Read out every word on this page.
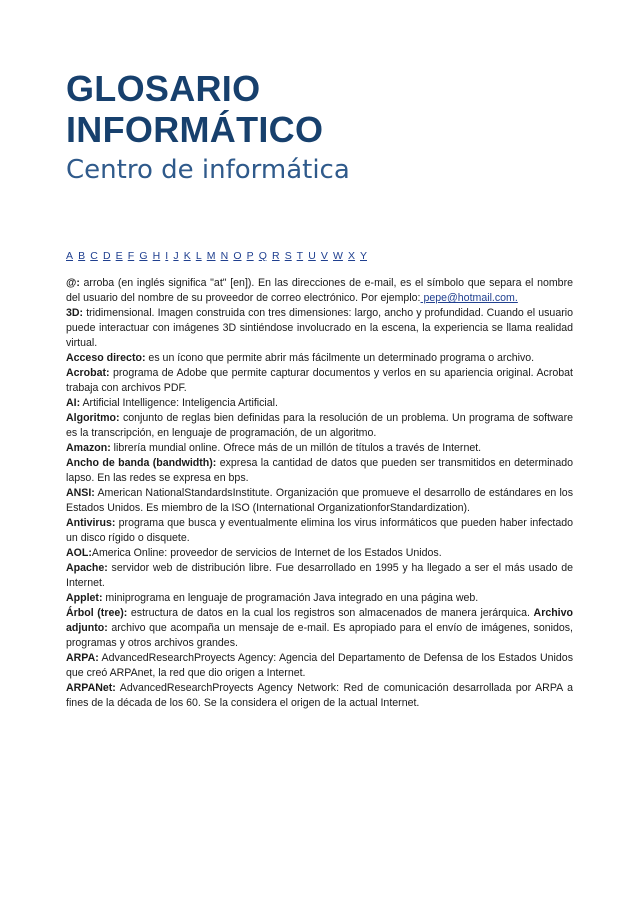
GLOSARIO
INFORMÁTICO
Centro de informática
A B C D E F G H I J K L M N O P Q R S T U V W X Y

@: arroba (en inglés significa "at" [en]). En las direcciones de e-mail, es el símbolo que separa el nombre del usuario del nombre de su proveedor de correo electrónico. Por ejemplo: pepe@hotmail.com.

3D: tridimensional. Imagen construida con tres dimensiones: largo, ancho y profundidad. Cuando el usuario puede interactuar con imágenes 3D sintiéndose involucrado en la escena, la experiencia se llama realidad virtual.

Acceso directo: es un ícono que permite abrir más fácilmente un determinado programa o archivo.

Acrobat: programa de Adobe que permite capturar documentos y verlos en su apariencia original. Acrobat trabaja con archivos PDF.

AI: Artificial Intelligence: Inteligencia Artificial.

Algoritmo: conjunto de reglas bien definidas para la resolución de un problema. Un programa de software es la transcripción, en lenguaje de programación, de un algoritmo.

Amazon: librería mundial online. Ofrece más de un millón de títulos a través de Internet.

Ancho de banda (bandwidth): expresa la cantidad de datos que pueden ser transmitidos en determinado lapso. En las redes se expresa en bps.

ANSI: American NationalStandardsInstitute. Organización que promueve el desarrollo de estándares en los Estados Unidos. Es miembro de la ISO (International OrganizationforStandardization).

Antivirus: programa que busca y eventualmente elimina los virus informáticos que pueden haber infectado un disco rígido o disquete.

AOL:America Online: proveedor de servicios de Internet de los Estados Unidos.

Apache: servidor web de distribución libre. Fue desarrollado en 1995 y ha llegado a ser el más usado de Internet.

Applet: miniprograma en lenguaje de programación Java integrado en una página web.

Árbol (tree): estructura de datos en la cual los registros son almacenados de manera jerárquica. Archivo adjunto: archivo que acompaña un mensaje de e-mail. Es apropiado para el envío de imágenes, sonidos, programas y otros archivos grandes.

ARPA: AdvancedResearchProyects Agency: Agencia del Departamento de Defensa de los Estados Unidos que creó ARPAnet, la red que dio origen a Internet.

ARPANet: AdvancedResearchProyects Agency Network: Red de comunicación desarrollada por ARPA a fines de la década de los 60. Se la considera el origen de la actual Internet.
